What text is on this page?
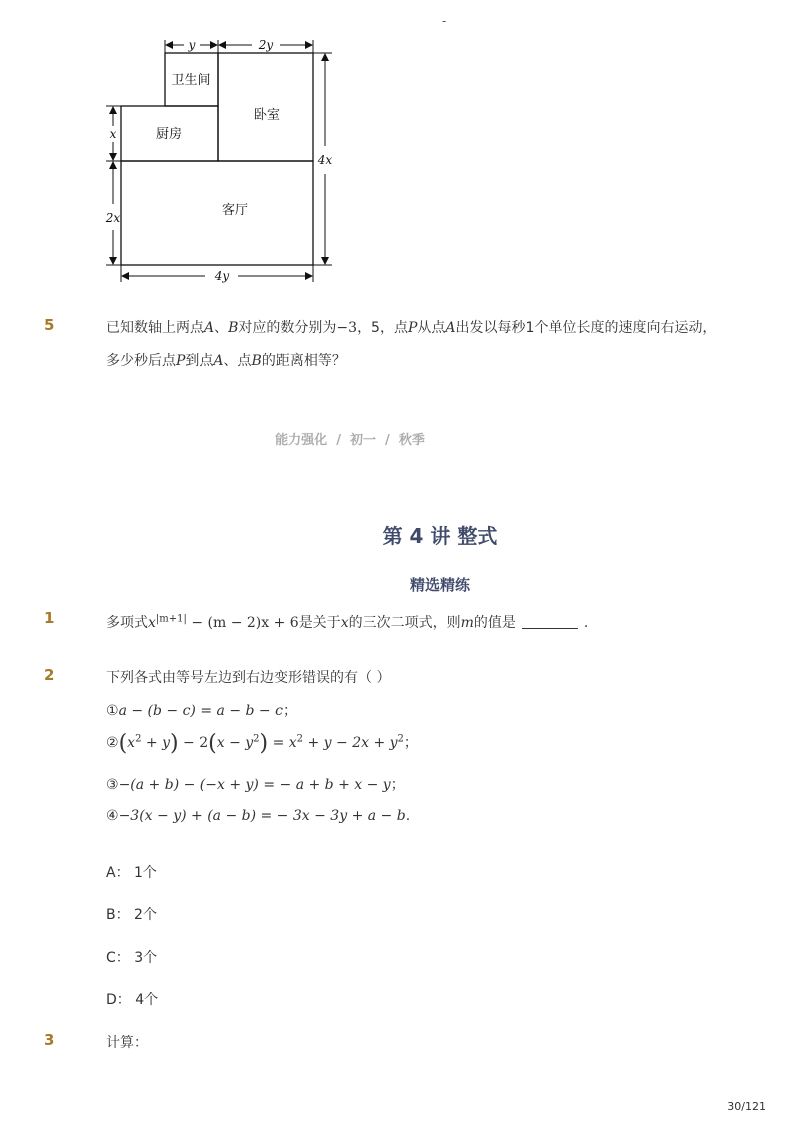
-
卫生间
卧室
厨房
客厅
y	2y
x
2x
4x
4y
5	已知数轴上两点A、B对应的数分别为−3，5，点P从点A出发以每秒1个单位长度的速度向右运动，
多少秒后点P到点A、点B的距离相等？
能力强化  /  初一  /  秋季
第 4 讲 整式
精选精练
1	多项式$x^{|m+1|} - (m - 2)x + 6$是关于x的三次二项式，则m的值是	.
2	下列各式由等号左边到右边变形错误的有（ ）
①a − (b − c) = a − b − c；
$②(x^2 + y) - 2(x - y^2) = x^2 + y - 2x + y^2$；
③−(a + b) − (−x + y) = − a + b + x − y；
④−3(x − y) + (a − b) = − 3x − 3y + a − b.
A： 1个
B： 2个
C： 3个
D： 4个
3	计算：
30/121
